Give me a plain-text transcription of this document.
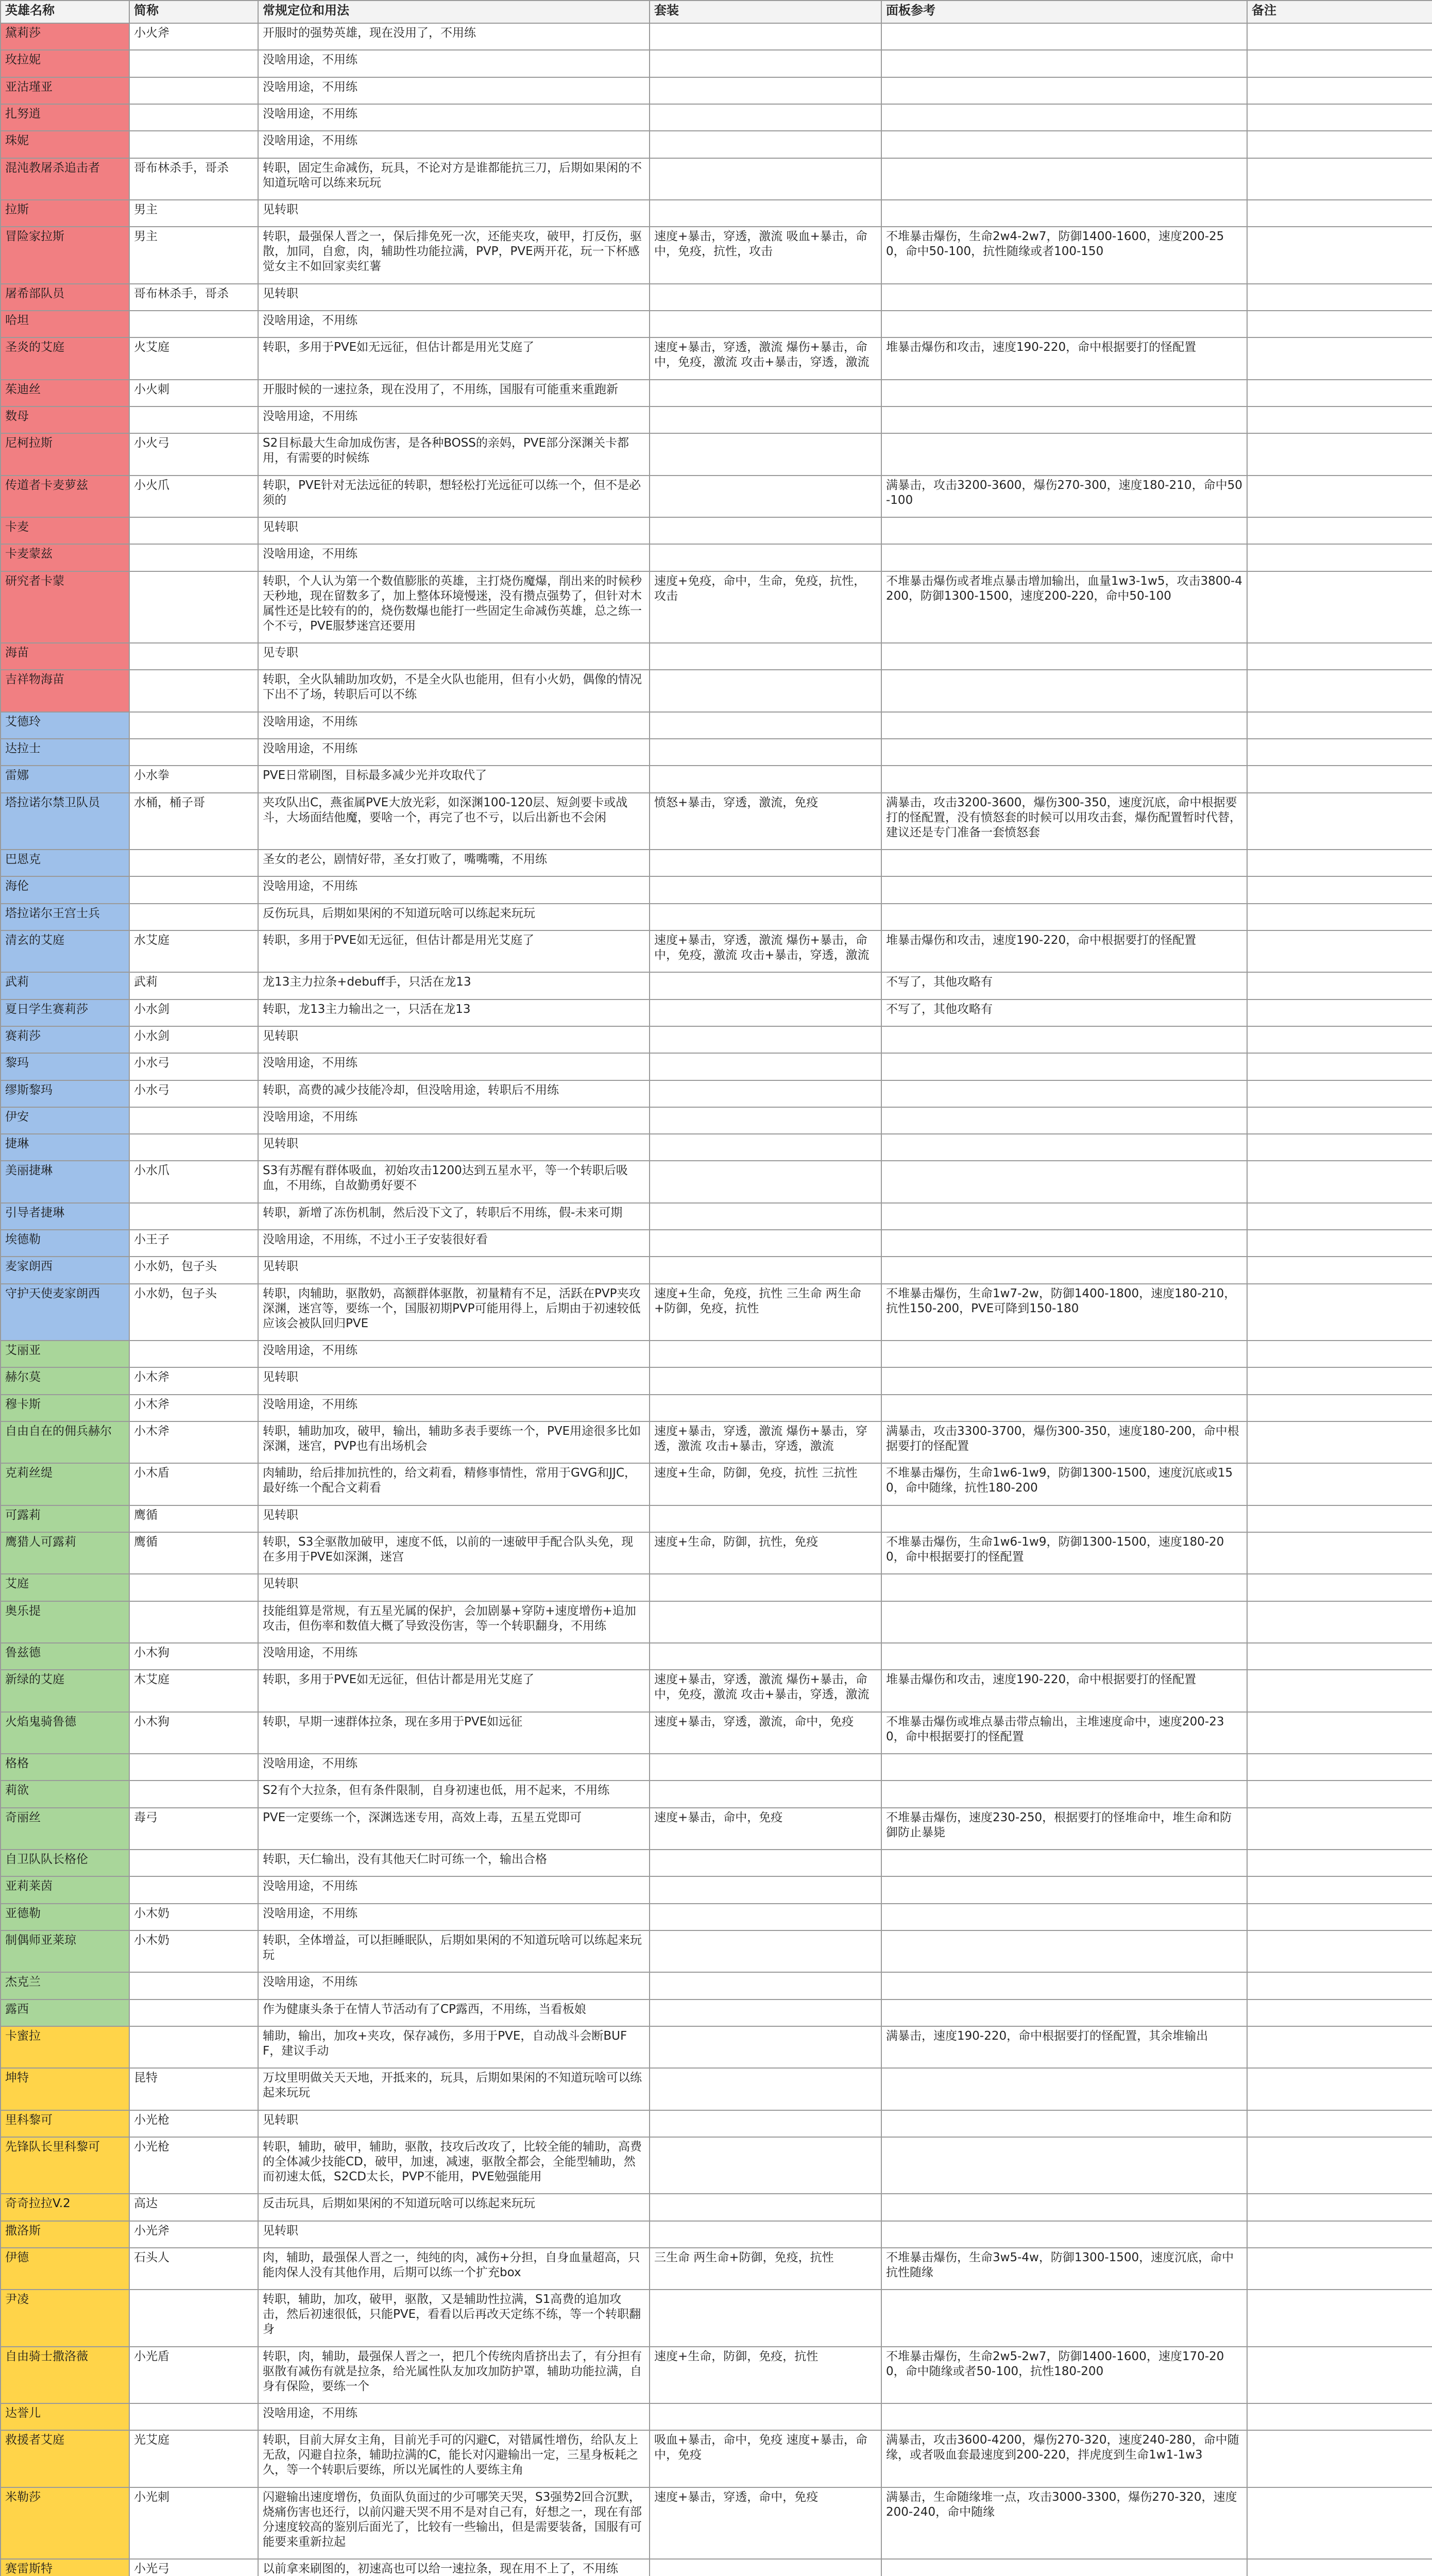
英雄名称	简称	常规定位和用法	套装	面板参考	备注
黛莉莎	小火斧	开服时的强势英雄，现在没用了，不用练			
玫拉妮		没啥用途，不用练			
亚沽瑾亚		没啥用途，不用练			
扎努逍		没啥用途，不用练			
珠妮		没啥用途，不用练			
混沌教屠杀追击者	哥布林杀手，哥杀	转职，固定生命减伤，玩具，不论对方是谁都能抗三刀，后期如果闲的不知道玩啥可以练来玩玩			
拉斯	男主	见转职			
冒险家拉斯	男主	转职，最强保人晋之一，保后排免死一次，还能夹攻，破甲，打反伤，驱散，加同，自愈，肉，辅助性功能拉满，PVP，PVE两开花，玩一下杯感觉女主不如回家卖红薯	速度+暴击，穿透，激流 吸血+暴击，命中，免疫，抗性，攻击	不堆暴击爆伤，生命2w4-2w7，防御1400-1600，速度200-250，命中50-100，抗性随缘或者100-150	
屠希部队员	哥布林杀手，哥杀	见转职			
哈坦		没啥用途，不用练			
圣炎的艾庭	火艾庭	转职，多用于PVE如无远征，但估计都是用光艾庭了	速度+暴击，穿透，激流 爆伤+暴击，命中，免疫，激流 攻击+暴击，穿透，激流	堆暴击爆伤和攻击，速度190-220，命中根据要打的怪配置	
茱迪丝	小火刺	开服时候的一速拉条，现在没用了，不用练，国服有可能重来重跑新			
数母		没啥用途，不用练			
尼柯拉斯	小火弓	S2目标最大生命加成伤害，是各种BOSS的亲妈，PVE部分深渊关卡都用，有需要的时候练			
传道者卡麦萝兹	小火爪	转职，PVE针对无法远征的转职，想轻松打光远征可以练一个，但不是必须的		满暴击，攻击3200-3600，爆伤270-300，速度180-210，命中50-100	
卡麦		见转职			
卡麦蒙兹		没啥用途，不用练			
研究者卡蒙		转职，个人认为第一个数值膨胀的英雄，主打烧伤魔爆，削出来的时候秒天秒地，现在留数多了，加上整体环境慢迷，没有攒点强势了，但针对木属性还是比较有的的，烧伤数爆也能打一些固定生命减伤英雄，总之练一个不亏，PVE服梦迷宫还要用	速度+免疫，命中，生命，免疫，抗性，攻击	不堆暴击爆伤或者堆点暴击增加输出，血量1w3-1w5，攻击3800-4200，防御1300-1500，速度200-220，命中50-100	
海苗		见专职			
吉祥物海苗		转职，全火队辅助加攻奶，不是全火队也能用，但有小火奶，偶像的情况下出不了场，转职后可以不练			
艾德玲		没啥用途，不用练			
达拉士		没啥用途，不用练			
雷娜	小水拳	PVE日常刷图，目标最多减少光并攻取代了			
塔拉诺尔禁卫队员	水桶，桶子哥	夹攻队出C，燕雀属PVE大放光彩，如深渊100-120层、短剑要卡或战斗，大场面结他魔，要啥一个，再完了也不亏，以后出新也不会闲	愤怒+暴击，穿透，激流，免疫	满暴击，攻击3200-3600，爆伤300-350，速度沉底，命中根据要打的怪配置，没有愤怒套的时候可以用攻击套，爆伤配置暂时代替，建议还是专门准备一套愤怒套	
巴恩克		圣女的老公，剧情好带，圣女打败了，嘴嘴嘴，不用练			
海伦		没啥用途，不用练			
塔拉诺尔王宫士兵		反伤玩具，后期如果闲的不知道玩啥可以练起来玩玩			
清玄的艾庭	水艾庭	转职，多用于PVE如无远征，但估计都是用光艾庭了	速度+暴击，穿透，激流 爆伤+暴击，命中，免疫，激流 攻击+暴击，穿透，激流	堆暴击爆伤和攻击，速度190-220，命中根据要打的怪配置	
武莉	武莉	龙13主力拉条+debuff手，只活在龙13		不写了，其他攻略有	
夏日学生赛莉莎	小水剑	转职，龙13主力输出之一，只活在龙13		不写了，其他攻略有	
赛莉莎	小水剑	见转职			
黎玛	小水弓	没啥用途，不用练			
缪斯黎玛	小水弓	转职，高费的减少技能冷却，但没啥用途，转职后不用练			
伊安		没啥用途，不用练			
捷琳		见转职			
美丽捷琳	小水爪	S3有苏醒有群体吸血，初始攻击1200达到五星水平，等一个转职后吸血，不用练，自故勤勇好要不			
引导者捷琳		转职，新增了冻伤机制，然后没下文了，转职后不用练，假-未来可期			
埃德勒	小王子	没啥用途，不用练，不过小王子安装很好看			
麦家朗西	小水奶，包子头	见转职			
守护天使麦家朗西	小水奶，包子头	转职，肉辅助，驱散奶，高额群体驱散，初量精有不足，活跃在PVP夹攻深渊，迷宫等，要练一个，国服初期PVP可能用得上，后期由于初速较低应该会被队回归PVE	速度+生命，免疫，抗性 三生命 两生命+防御，免疫，抗性	不堆暴击爆伤，生命1w7-2w，防御1400-1800，速度180-210，抗性150-200，PVE可降到150-180	
艾丽亚		没啥用途，不用练			
赫尔莫	小木斧	见转职			
穆卡斯	小木斧	没啥用途，不用练			
自由自在的佣兵赫尔	小木斧	转职，辅助加攻，破甲，输出，辅助多表手要练一个，PVE用途很多比如深渊，迷宫，PVP也有出场机会	速度+暴击，穿透，激流 爆伤+暴击，穿透，激流 攻击+暴击，穿透，激流	满暴击，攻击3300-3700，爆伤300-350，速度180-200，命中根据要打的怪配置	
克莉丝缇	小木盾	肉辅助，给后排加抗性的，给文莉看，精修事情性，常用于GVG和JJC，最好练一个配合文莉看	速度+生命，防御，免疫，抗性 三抗性	不堆暴击爆伤，生命1w6-1w9，防御1300-1500，速度沉底或150，命中随缘，抗性180-200	
可露莉	鹰循	见转职			
鹰猎人可露莉	鹰循	转职，S3全驱散加破甲，速度不低，以前的一速破甲手配合队头免，现在多用于PVE如深渊，迷宫	速度+生命，防御，抗性，免疫	不堆暴击爆伤，生命1w6-1w9，防御1300-1500，速度180-200，命中根据要打的怪配置	
艾庭		见转职			
奥乐提		技能组算是常规，有五星光属的保护，会加剧暴+穿防+速度增伤+追加攻击，但伤率和数值大概了导致没伤害，等一个转职翻身，不用练			
鲁兹德	小木狗	没啥用途，不用练			
新绿的艾庭	木艾庭	转职，多用于PVE如无远征，但估计都是用光艾庭了	速度+暴击，穿透，激流 爆伤+暴击，命中，免疫，激流 攻击+暴击，穿透，激流	堆暴击爆伤和攻击，速度190-220，命中根据要打的怪配置	
火焰鬼骑鲁德	小木狗	转职，早期一速群体拉条，现在多用于PVE如远征	速度+暴击，穿透，激流，命中，免疫	不堆暴击爆伤或堆点暴击带点输出，主堆速度命中，速度200-230，命中根据要打的怪配置	
格格		没啥用途，不用练			
莉欲		S2有个大拉条，但有条件限制，自身初速也低，用不起来，不用练			
奇丽丝	毒弓	PVE一定要练一个，深渊选迷专用，高效上毒，五星五党即可	速度+暴击，命中，免疫	不堆暴击爆伤，速度230-250，根据要打的怪堆命中，堆生命和防御防止暴毙	
自卫队队长格伦		转职，天仁输出，没有其他天仁时可练一个，输出合格			
亚莉莱茵		没啥用途，不用练			
亚德勒	小木奶	没啥用途，不用练			
制偶师亚莱琼	小木奶	转职，全体增益，可以拒睡眠队，后期如果闲的不知道玩啥可以练起来玩玩			
杰克兰		没啥用途，不用练			
露西		作为健康头条于在情人节活动有了CP露西，不用练，当看板娘			
卡蜜拉		辅助，输出，加攻+夹攻，保存减伤，多用于PVE，自动战斗会断BUFF，建议手动		满暴击，速度190-220，命中根据要打的怪配置，其余堆输出	
坤特	昆特	万坟里明做关天天地，开抵来的，玩具，后期如果闲的不知道玩啥可以练起来玩玩			
里科黎可	小光枪	见转职			
先锋队长里科黎可	小光枪	转职，辅助，破甲，辅助，驱散，技攻后改攻了，比较全能的辅助，高费的全体减少技能CD，破甲，加速，减速，驱散全都会，全能型辅助，然而初速太低，S2CD太长，PVP不能用，PVE勉强能用			
奇奇拉拉V.2	高达	反击玩具，后期如果闲的不知道玩啥可以练起来玩玩			
撒洛斯	小光斧	见转职			
伊德	石头人	肉，辅助，最强保人晋之一，纯纯的肉，减伤+分担，自身血量超高，只能肉保人没有其他作用，后期可以练一个扩充box	三生命 两生命+防御，免疫，抗性	不堆暴击爆伤，生命3w5-4w，防御1300-1500，速度沉底，命中抗性随缘	
尹凌		转职，辅助，加攻，破甲，驱散，又是辅助性拉满，S1高费的追加攻击，然后初速很低，只能PVE，看看以后再改天定练不练，等一个转职翻身			
自由骑士撒洛薇	小光盾	转职，肉，辅助，最强保人晋之一，把几个传统肉盾挤出去了，有分担有驱散有减伤有就是拉条，给光属性队友加攻加防护罩，辅助功能拉满，自身有保险，要练一个	速度+生命，防御，免疫，抗性	不堆暴击爆伤，生命2w5-2w7，防御1400-1600，速度170-200，命中随缘或者50-100，抗性180-200	
达誉儿		没啥用途，不用练			
救援者艾庭	光艾庭	转职，目前大屏女主角，目前光手可的闪避C，对错属性增伤，给队友上无敌，闪避自拉条，辅助拉满的C，能长对闪避输出一定，三星身板耗之久，等一个转职后要练，所以光属性的人要练主角	吸血+暴击，命中，免疫 速度+暴击，命中，免疫	满暴击，攻击3600-4200，爆伤270-320，速度240-280，命中随缘，或者吸血套最速度到200-220，拌虎度到生命1w1-1w3	
米勒莎	小光刺	闪避输出速度增伤，负面队负面过的少可哪笑天哭，S3强势2回合沉默，烧痛伤害也还行，以前闪避天哭不用不是对自己有，好想之一，现在有部分速度较高的鉴别后面光了，比较有一些输出，但是需要装备，国服有可能要来重新拉起	速度+暴击，穿透，命中，免疫	满暴击，生命随缘堆一点，攻击3000-3300，爆伤270-320，速度200-240，命中随缘	
赛雷斯特	小光弓	以前拿来刷图的，初速高也可以给一速拉条，现在用不上了，不用练			
